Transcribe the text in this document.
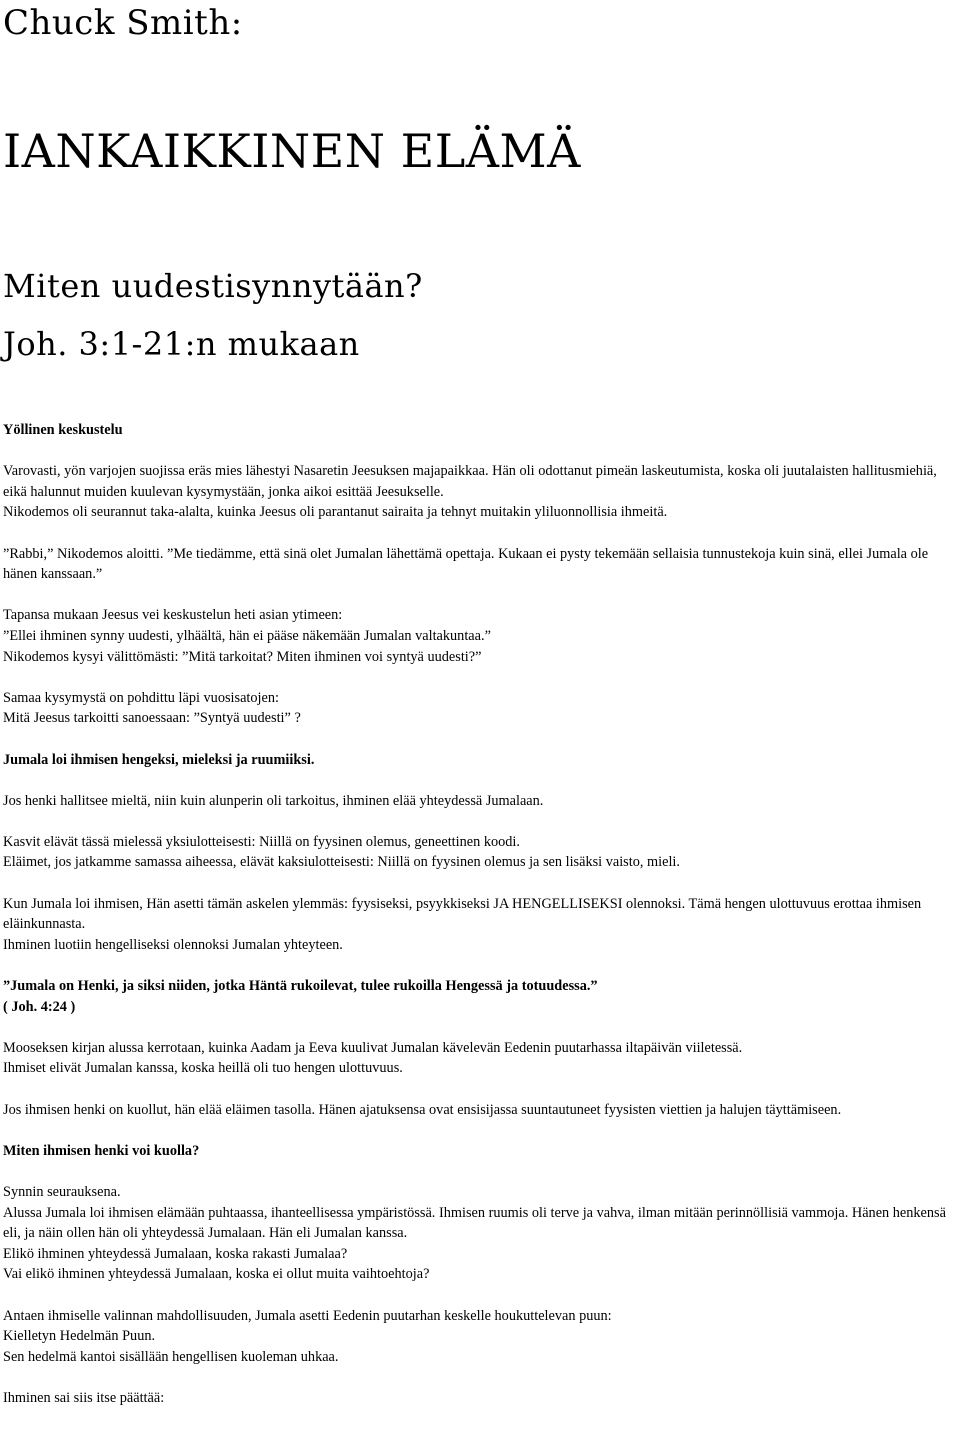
Chuck Smith:
IANKAIKKINEN ELÄMÄ
Miten uudestisynnytään?
Joh. 3:1-21:n mukaan

Yöllinen keskustelu

Varovasti, yön varjojen suojissa eräs mies lähestyi Nasaretin Jeesuksen majapaikkaa. Hän oli odottanut pimeän laskeutumista, koska oli juutalaisten hallitusmiehiä, eikä halunnut muiden kuulevan kysymystään, jonka aikoi esittää Jeesukselle.

Nikodemos oli seurannut taka-alalta, kuinka Jeesus oli parantanut sairaita ja tehnyt muitakin yliluonnollisia ihmeitä.

”Rabbi,” Nikodemos aloitti. ”Me tiedämme, että sinä olet Jumalan lähettämä opettaja. Kukaan ei pysty tekemään sellaisia tunnustekoja kuin sinä, ellei Jumala ole hänen kanssaan.”

Tapansa mukaan Jeesus vei keskustelun heti asian ytimeen:

”Ellei ihminen synny uudesti, ylhäältä, hän ei pääse näkemään Jumalan valtakuntaa.”

Nikodemos kysyi välittömästi: ”Mitä tarkoitat? Miten ihminen voi syntyä uudesti?”

Samaa kysymystä on pohdittu läpi vuosisatojen:

Mitä Jeesus tarkoitti sanoessaan: ”Syntyä uudesti” ?

Jumala loi ihmisen hengeksi, mieleksi ja ruumiiksi.

Jos henki hallitsee mieltä, niin kuin alunperin oli tarkoitus, ihminen elää yhteydessä Jumalaan.

Kasvit elävät tässä mielessä yksiulotteisesti: Niillä on fyysinen olemus, geneettinen koodi.

Eläimet, jos jatkamme samassa aiheessa, elävät kaksiulotteisesti: Niillä on fyysinen olemus ja sen lisäksi vaisto, mieli.

Kun Jumala loi ihmisen, Hän asetti tämän askelen ylemmäs: fyysiseksi, psyykkiseksi JA HENGELLISEKSI olennoksi. Tämä hengen ulottuvuus erottaa ihmisen eläinkunnasta.

Ihminen luotiin hengelliseksi olennoksi Jumalan yhteyteen.

”Jumala on Henki, ja siksi niiden, jotka Häntä rukoilevat, tulee rukoilla Hengessä ja totuudessa.”

( Joh. 4:24 )

Mooseksen kirjan alussa kerrotaan, kuinka Aadam ja Eeva kuulivat Jumalan kävelevän Eedenin puutarhassa iltapäivän viiletessä.

Ihmiset elivät Jumalan kanssa, koska heillä oli tuo hengen ulottuvuus.

Jos ihmisen henki on kuollut, hän elää eläimen tasolla. Hänen ajatuksensa ovat ensisijassa suuntautuneet fyysisten viettien ja halujen täyttämiseen.

Miten ihmisen henki voi kuolla?

Synnin seurauksena.

Alussa Jumala loi ihmisen elämään puhtaassa, ihanteellisessa ympäristössä. Ihmisen ruumis oli terve ja vahva, ilman mitään perinnöllisiä vammoja. Hänen henkensä eli, ja näin ollen hän oli yhteydessä Jumalaan. Hän eli Jumalan kanssa.

Elikö ihminen yhteydessä Jumalaan, koska rakasti Jumalaa?

Vai elikö ihminen yhteydessä Jumalaan, koska ei ollut muita vaihtoehtoja?

Antaen ihmiselle valinnan mahdollisuuden, Jumala asetti Eedenin puutarhan keskelle houkuttelevan puun:

Kielletyn Hedelmän Puun.

Sen hedelmä kantoi sisällään hengellisen kuoleman uhkaa.

Ihminen sai siis itse päättää:
